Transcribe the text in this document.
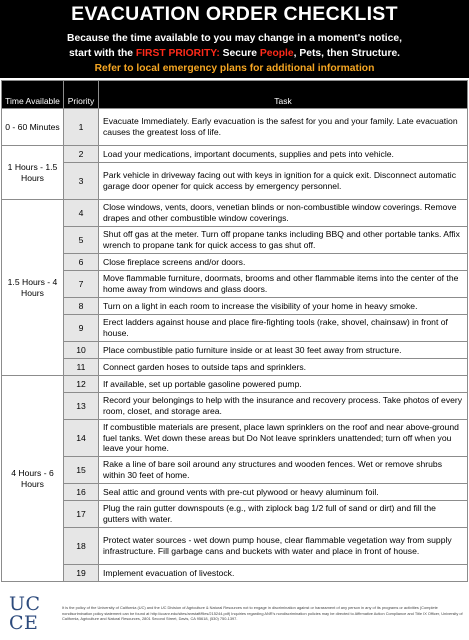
EVACUATION ORDER CHECKLIST
Because the time available to you may change in a moment's notice,
start with the FIRST PRIORITY: Secure People, Pets, then Structure.
Refer to local emergency plans for additional information
Time Available	Priority	Task
0 - 60 Minutes	1	Evacuate Immediately. Early evacuation is the safest for you and your family. Late evacuation causes the greatest loss of life.
1 Hours - 1.5 Hours	2	Load your medications, important documents, supplies and pets into vehicle.
	3	Park vehicle in driveway facing out with keys in ignition for a quick exit. Disconnect automatic garage door opener for quick access by emergency personnel.
1.5 Hours - 4 Hours	4	Close windows, vents, doors, venetian blinds or non-combustible window coverings. Remove drapes and other combustible window coverings.
	5	Shut off gas at the meter. Turn off propane tanks including BBQ and other portable tanks. Affix wrench to propane tank for quick access to gas shut off.
	6	Close fireplace screens and/or doors.
	7	Move flammable furniture, doormats, brooms and other flammable items into the center of the home away from windows and glass doors.
	8	Turn on a light in each room to increase the visibility of your home in heavy smoke.
	9	Erect ladders against house and place fire-fighting tools (rake, shovel, chainsaw) in front of house.
	10	Place combustible patio furniture inside or at least 30 feet away from structure.
	11	Connect garden hoses to outside taps and sprinklers.
4 Hours - 6 Hours	12	If available, set up portable gasoline powered pump.
	13	Record your belongings to help with the insurance and recovery process. Take photos of every room, closet, and storage area.
	14	If combustible materials are present, place lawn sprinklers on the roof and near above-ground fuel tanks. Wet down these areas but Do Not leave sprinklers unattended; turn off when you leave your home.
	15	Rake a line of bare soil around any structures and wooden fences. Wet or remove shrubs within 30 feet of home.
	16	Seal attic and ground vents with pre-cut plywood or heavy aluminum foil.
	17	Plug the rain gutter downspouts (e.g., with ziplock bag 1/2 full of sand or dirt) and fill the gutters with water.
	18	Protect water sources - wet down pump house, clear flammable vegetation way from supply infrastructure. Fill garbage cans and buckets with water and place in front of house.
	19	Implement evacuation of livestock.
UC
CE
It is the policy of the University of California (UC) and the UC Division of Agriculture & Natural Resources not to engage in discrimination against or harassment of any person in any of its programs or activities (Complete nondiscrimination policy statement can be found at http://ucanr.edu/sites/anrstaff/files/215244.pdf) Inquiries regarding ANR's nondiscrimination policies may be directed to Affirmative Action Compliance and Title IX Officer, University of California, Agriculture and Natural Resources, 2801 Second Street, Davis, CA 95618, (530) 750-1397.
